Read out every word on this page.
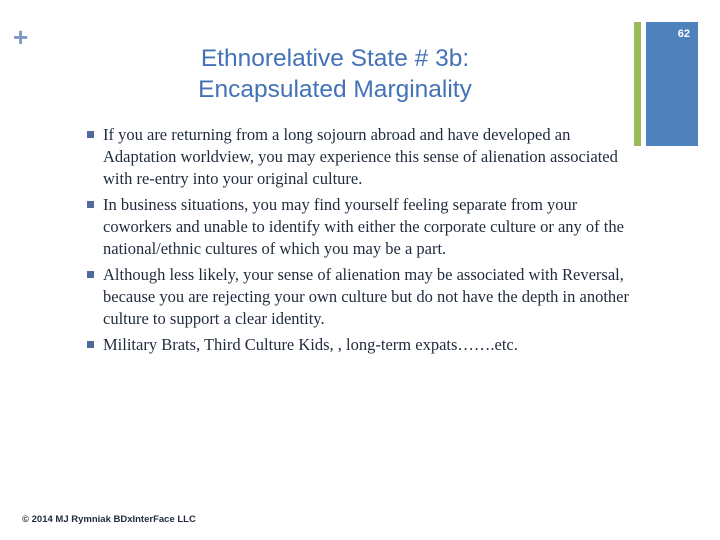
+	62
Ethnorelative State # 3b:
Encapsulated Marginality
If you are returning from a long sojourn abroad and have developed an Adaptation worldview, you may experience this sense of alienation associated with re-entry into your original culture.
In business situations, you may find yourself feeling separate from your coworkers and unable to identify with either the corporate culture or any of the national/ethnic cultures of which you may be a part.
Although less likely, your sense of alienation may be associated with Reversal, because you are rejecting your own culture but do not have the depth in another culture to support a clear identity.
Military Brats, Third Culture Kids, , long-term expats…….etc.
© 2014 MJ Rymniak BDxInterFace LLC
